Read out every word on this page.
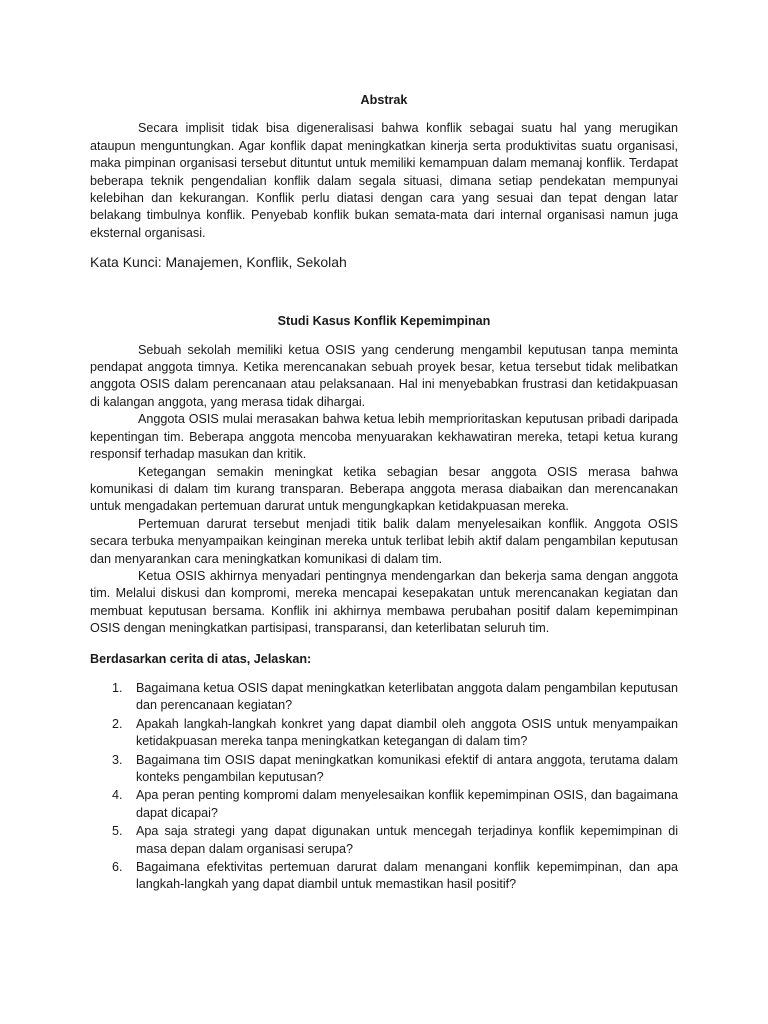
Abstrak

Secara implisit tidak bisa digeneralisasi bahwa konflik sebagai suatu hal yang merugikan ataupun menguntungkan. Agar konflik dapat meningkatkan kinerja serta produktivitas suatu organisasi, maka pimpinan organisasi tersebut dituntut untuk memiliki kemampuan dalam memanaj konflik. Terdapat beberapa teknik pengendalian konflik dalam segala situasi, dimana setiap pendekatan mempunyai kelebihan dan kekurangan. Konflik perlu diatasi dengan cara yang sesuai dan tepat dengan latar belakang timbulnya konflik. Penyebab konflik bukan semata-mata dari internal organisasi namun juga eksternal organisasi.

Kata Kunci: Manajemen, Konflik, Sekolah

Studi Kasus Konflik Kepemimpinan

Sebuah sekolah memiliki ketua OSIS yang cenderung mengambil keputusan tanpa meminta pendapat anggota timnya. Ketika merencanakan sebuah proyek besar, ketua tersebut tidak melibatkan anggota OSIS dalam perencanaan atau pelaksanaan. Hal ini menyebabkan frustrasi dan ketidakpuasan di kalangan anggota, yang merasa tidak dihargai.

Anggota OSIS mulai merasakan bahwa ketua lebih memprioritaskan keputusan pribadi daripada kepentingan tim. Beberapa anggota mencoba menyuarakan kekhawatiran mereka, tetapi ketua kurang responsif terhadap masukan dan kritik.

Ketegangan semakin meningkat ketika sebagian besar anggota OSIS merasa bahwa komunikasi di dalam tim kurang transparan. Beberapa anggota merasa diabaikan dan merencanakan untuk mengadakan pertemuan darurat untuk mengungkapkan ketidakpuasan mereka.

Pertemuan darurat tersebut menjadi titik balik dalam menyelesaikan konflik. Anggota OSIS secara terbuka menyampaikan keinginan mereka untuk terlibat lebih aktif dalam pengambilan keputusan dan menyarankan cara meningkatkan komunikasi di dalam tim.

Ketua OSIS akhirnya menyadari pentingnya mendengarkan dan bekerja sama dengan anggota tim. Melalui diskusi dan kompromi, mereka mencapai kesepakatan untuk merencanakan kegiatan dan membuat keputusan bersama. Konflik ini akhirnya membawa perubahan positif dalam kepemimpinan OSIS dengan meningkatkan partisipasi, transparansi, dan keterlibatan seluruh tim.

Berdasarkan cerita di atas, Jelaskan:

1. Bagaimana ketua OSIS dapat meningkatkan keterlibatan anggota dalam pengambilan keputusan dan perencanaan kegiatan?
2. Apakah langkah-langkah konkret yang dapat diambil oleh anggota OSIS untuk menyampaikan ketidakpuasan mereka tanpa meningkatkan ketegangan di dalam tim?
3. Bagaimana tim OSIS dapat meningkatkan komunikasi efektif di antara anggota, terutama dalam konteks pengambilan keputusan?
4. Apa peran penting kompromi dalam menyelesaikan konflik kepemimpinan OSIS, dan bagaimana dapat dicapai?
5. Apa saja strategi yang dapat digunakan untuk mencegah terjadinya konflik kepemimpinan di masa depan dalam organisasi serupa?
6. Bagaimana efektivitas pertemuan darurat dalam menangani konflik kepemimpinan, dan apa langkah-langkah yang dapat diambil untuk memastikan hasil positif?
